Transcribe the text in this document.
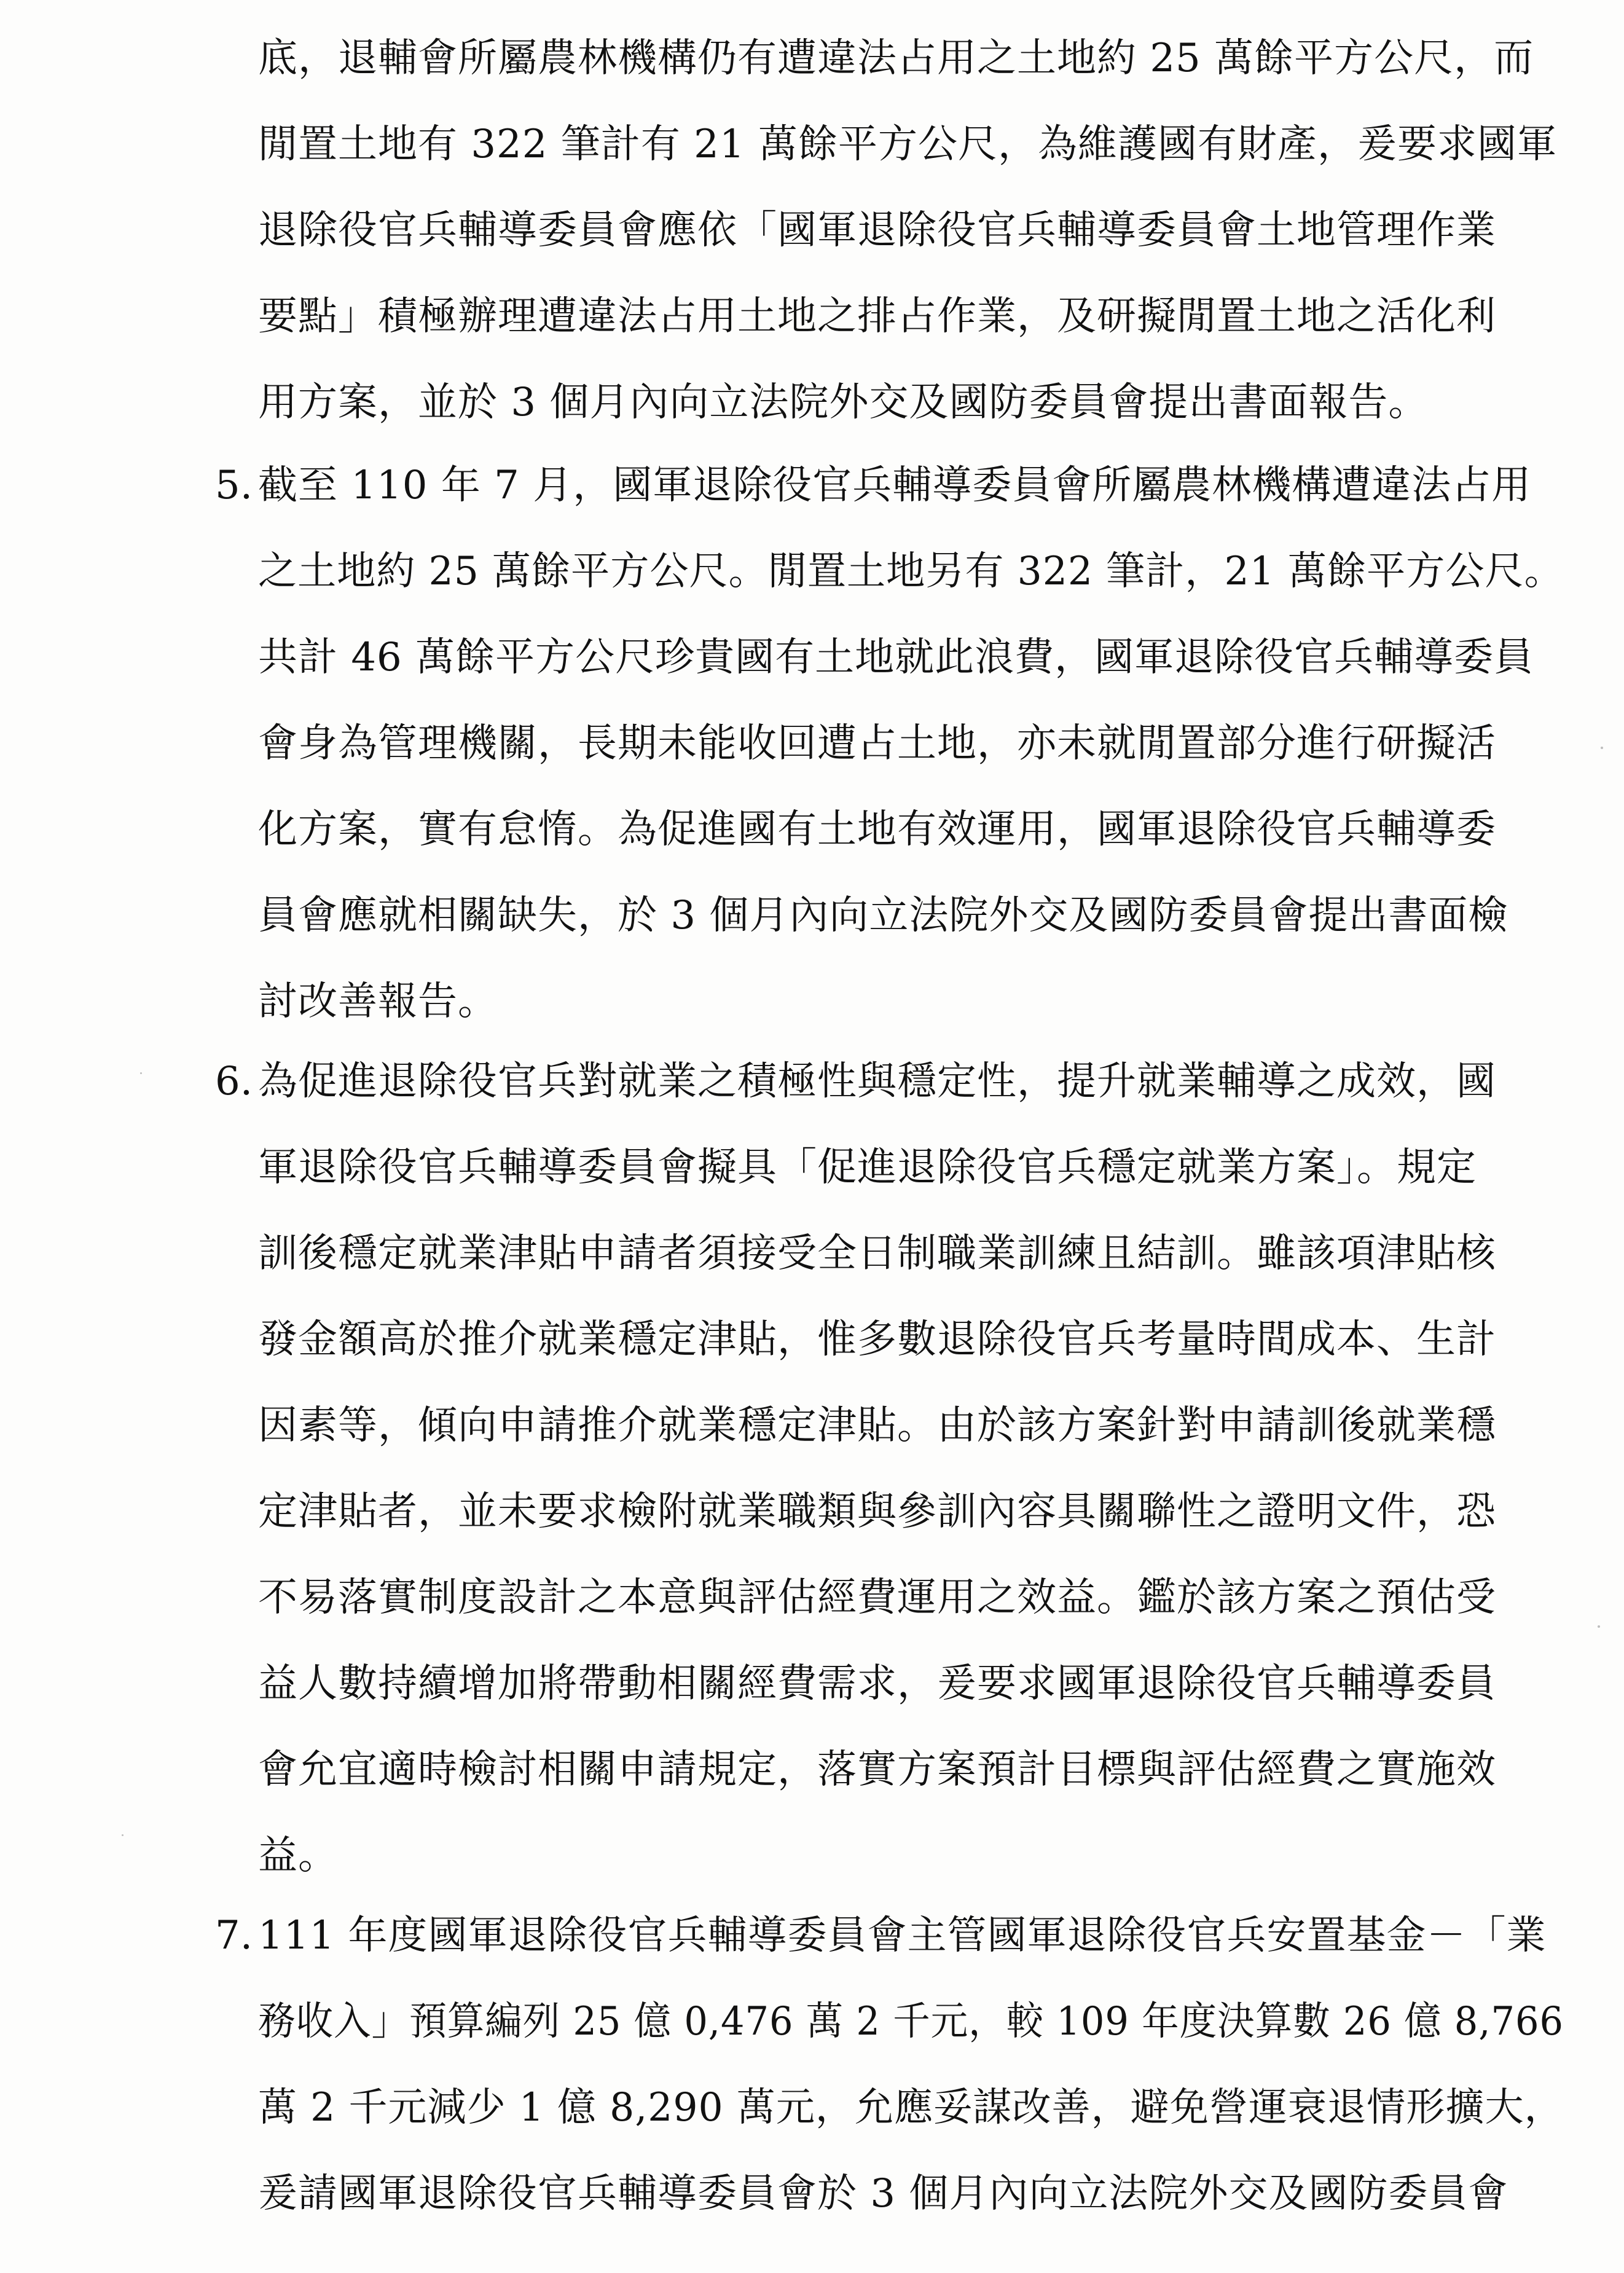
底，退輔會所屬農林機構仍有遭違法占用之土地約 25 萬餘平方公尺，而
閒置土地有 322 筆計有 21 萬餘平方公尺，為維護國有財產，爰要求國軍
退除役官兵輔導委員會應依「國軍退除役官兵輔導委員會土地管理作業
要點」積極辦理遭違法占用土地之排占作業，及研擬閒置土地之活化利
用方案，並於 3 個月內向立法院外交及國防委員會提出書面報告。
5. 截至 110 年 7 月，國軍退除役官兵輔導委員會所屬農林機構遭違法占用
之土地約 25 萬餘平方公尺。閒置土地另有 322 筆計，21 萬餘平方公尺。
共計 46 萬餘平方公尺珍貴國有土地就此浪費，國軍退除役官兵輔導委員
會身為管理機關，長期未能收回遭占土地，亦未就閒置部分進行研擬活
化方案，實有怠惰。為促進國有土地有效運用，國軍退除役官兵輔導委
員會應就相關缺失，於 3 個月內向立法院外交及國防委員會提出書面檢
討改善報告。
6. 為促進退除役官兵對就業之積極性與穩定性，提升就業輔導之成效，國
軍退除役官兵輔導委員會擬具「促進退除役官兵穩定就業方案」。規定
訓後穩定就業津貼申請者須接受全日制職業訓練且結訓。雖該項津貼核
發金額高於推介就業穩定津貼，惟多數退除役官兵考量時間成本、生計
因素等，傾向申請推介就業穩定津貼。由於該方案針對申請訓後就業穩
定津貼者，並未要求檢附就業職類與參訓內容具關聯性之證明文件，恐
不易落實制度設計之本意與評估經費運用之效益。鑑於該方案之預估受
益人數持續增加將帶動相關經費需求，爰要求國軍退除役官兵輔導委員
會允宜適時檢討相關申請規定，落實方案預計目標與評估經費之實施效
益。
7. 111 年度國軍退除役官兵輔導委員會主管國軍退除役官兵安置基金－「業
務收入」預算編列 25 億 0,476 萬 2 千元，較 109 年度決算數 26 億 8,766
萬 2 千元減少 1 億 8,290 萬元，允應妥謀改善，避免營運衰退情形擴大，
爰請國軍退除役官兵輔導委員會於 3 個月內向立法院外交及國防委員會
